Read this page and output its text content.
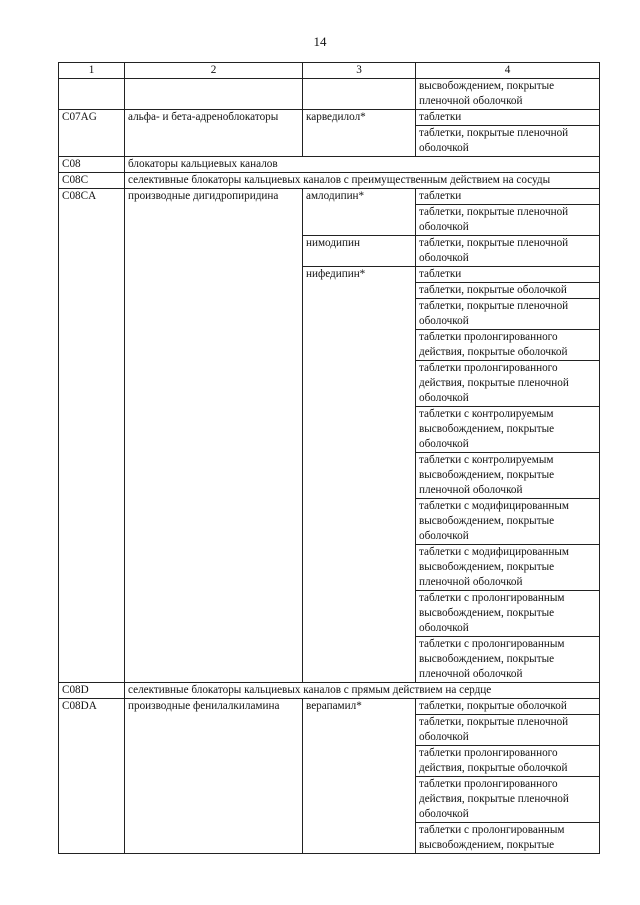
14
1	2	3	4
			высвобождением, покрытые пленочной оболочкой
C07AG	альфа- и бета-адреноблокаторы	карведилол*	таблетки
			таблетки, покрытые пленочной оболочкой
C08	блокаторы кальциевых каналов		
C08C	селективные блокаторы кальциевых каналов с преимущественным действием на сосуды		
C08CA	производные дигидропиридина	амлодипин*	таблетки
			таблетки, покрытые пленочной оболочкой
		нимодипин	таблетки, покрытые пленочной оболочкой
		нифедипин*	таблетки
			таблетки, покрытые оболочкой
			таблетки, покрытые пленочной оболочкой
			таблетки пролонгированного действия, покрытые оболочкой
			таблетки пролонгированного действия, покрытые пленочной оболочкой
			таблетки с контролируемым высвобождением, покрытые оболочкой
			таблетки с контролируемым высвобождением, покрытые пленочной оболочкой
			таблетки с модифицированным высвобождением, покрытые оболочкой
			таблетки с модифицированным высвобождением, покрытые пленочной оболочкой
			таблетки с пролонгированным высвобождением, покрытые оболочкой
			таблетки с пролонгированным высвобождением, покрытые пленочной оболочкой
C08D	селективные блокаторы кальциевых каналов с прямым действием на сердце		
C08DA	производные фенилалкиламина	верапамил*	таблетки, покрытые оболочкой
			таблетки, покрытые пленочной оболочкой
			таблетки пролонгированного действия, покрытые оболочкой
			таблетки пролонгированного действия, покрытые пленочной оболочкой
			таблетки с пролонгированным высвобождением, покрытые
